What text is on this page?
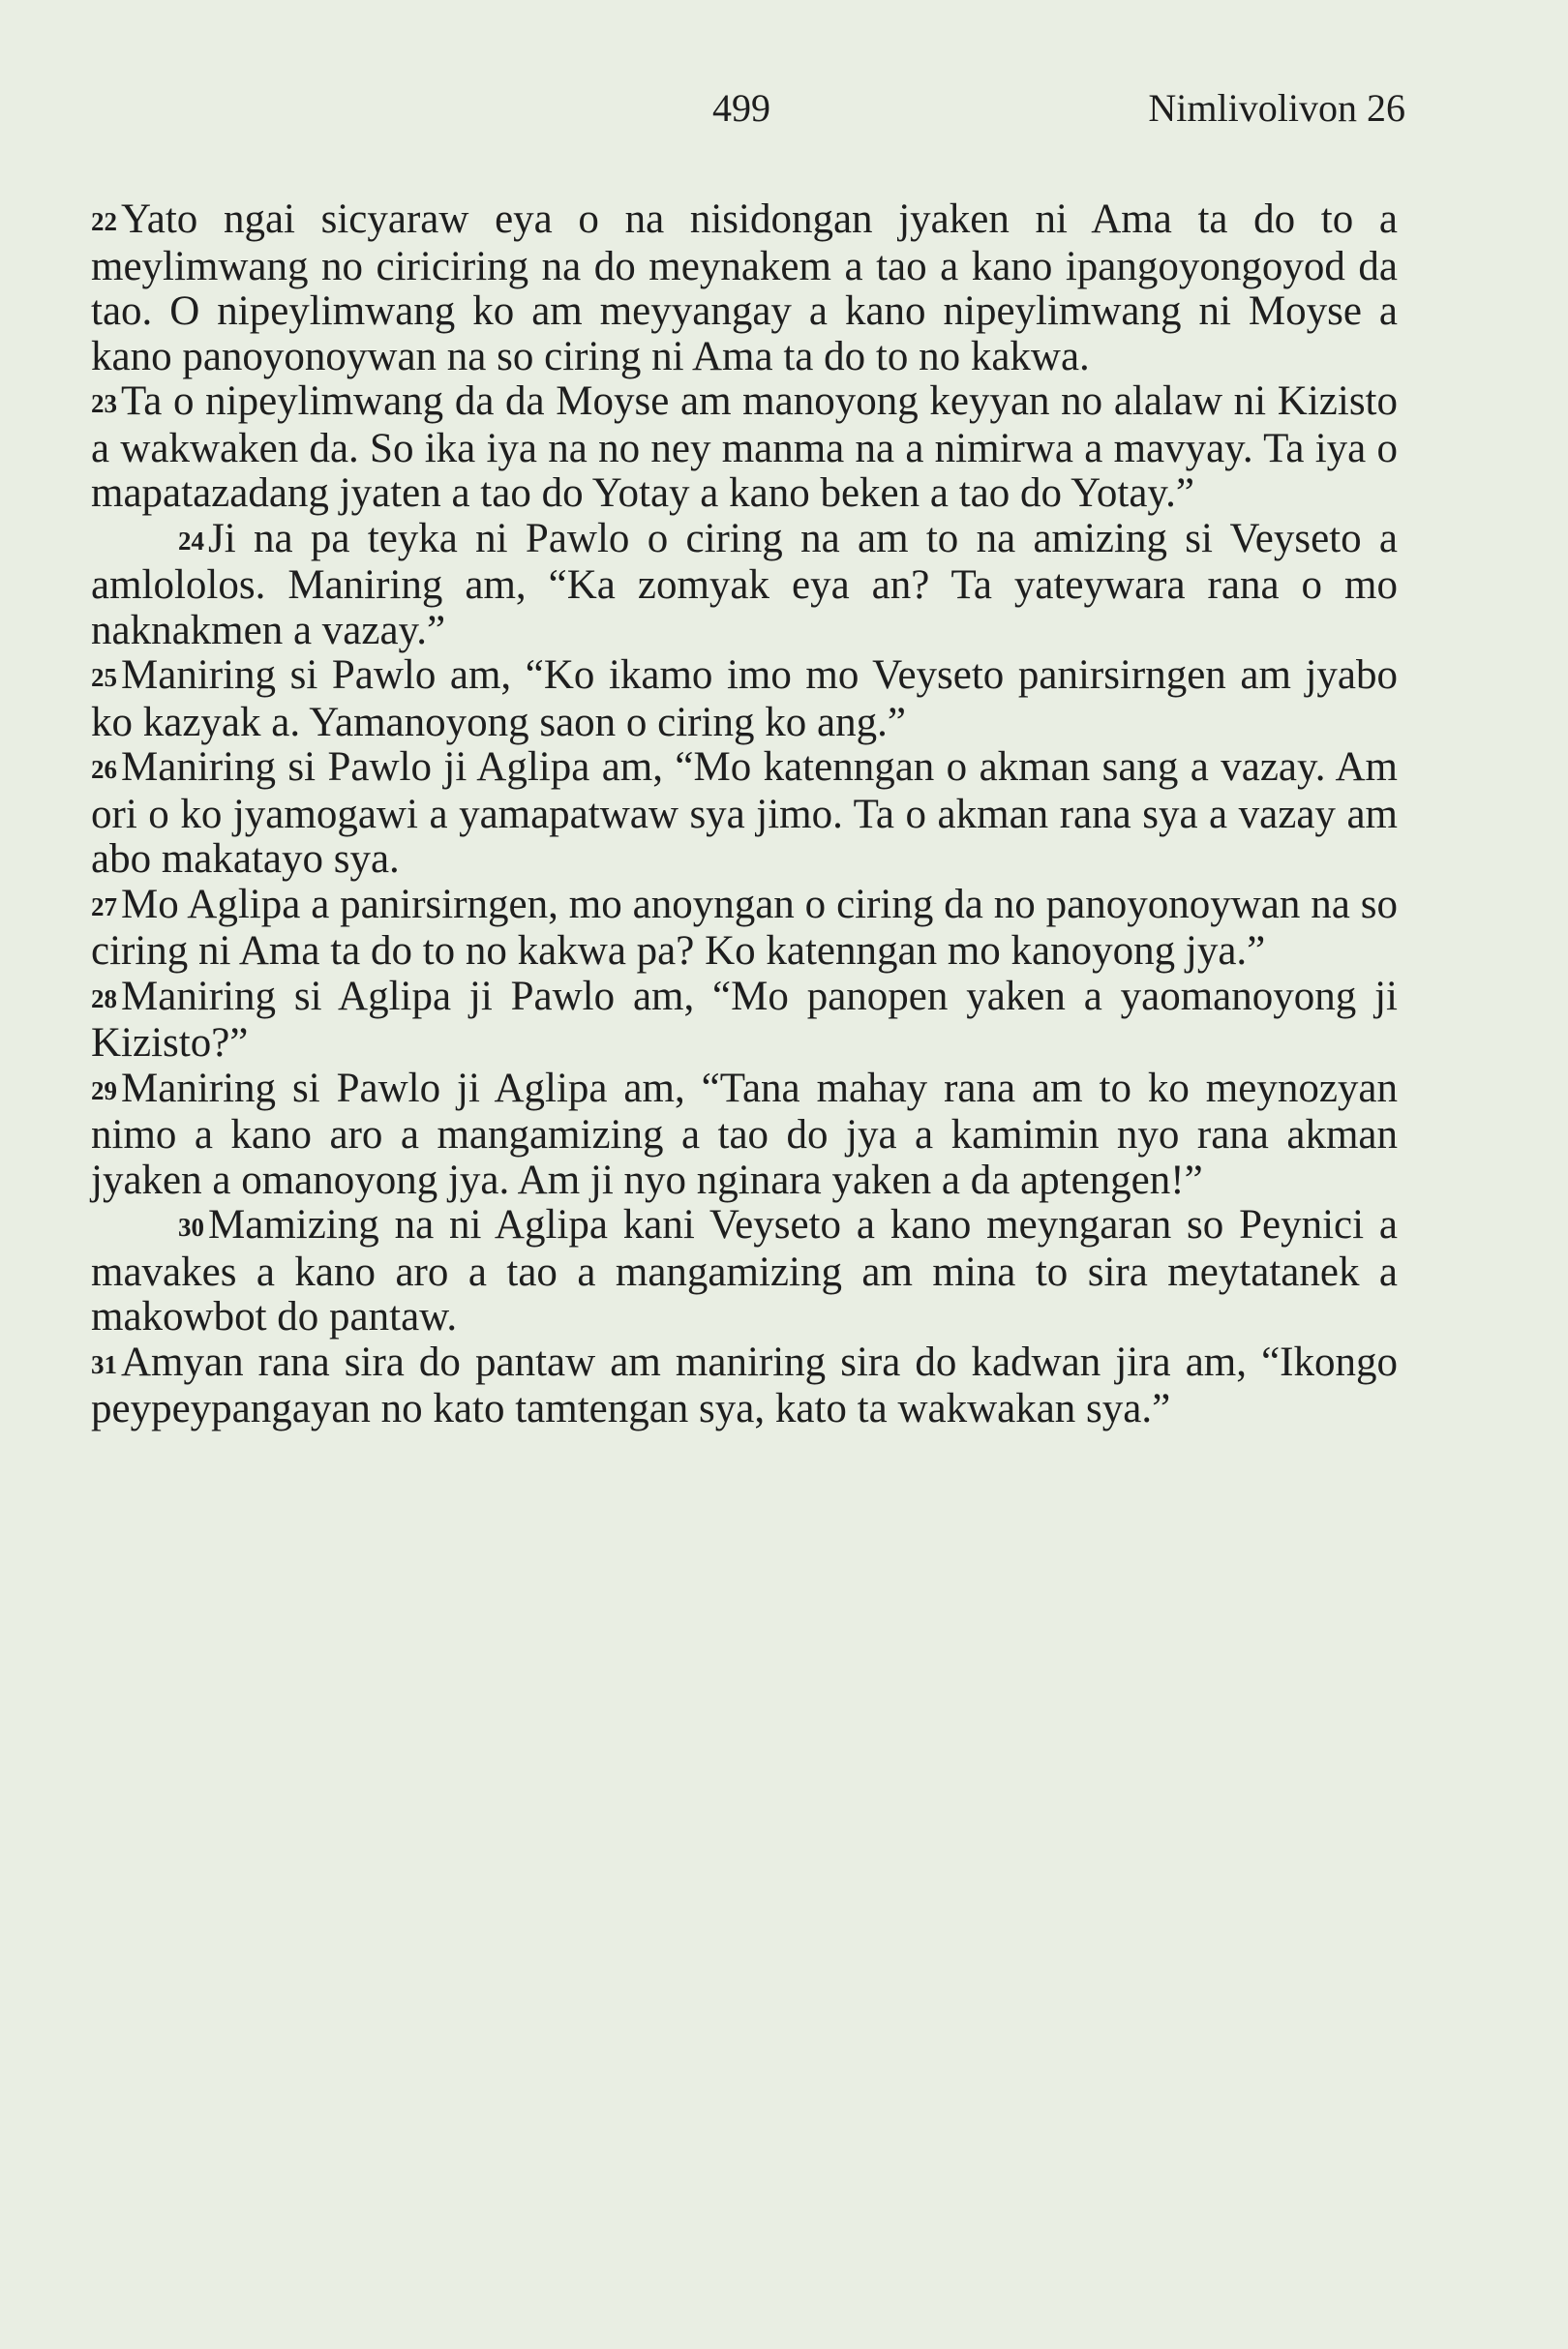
499	Nimlivolivon 26

22Yato ngai sicyaraw eya o na nisidongan jyaken ni Ama ta do to a meylimwang no ciriciring na do meynakem a tao a kano ipangoyongoyod da tao. O nipeylimwang ko am meyyangay a kano nipeylimwang ni Moyse a kano panoyonoywan na so ciring ni Ama ta do to no kakwa.

23Ta o nipeylimwang da da Moyse am manoyong keyyan no alalaw ni Kizisto a wakwaken da. So ika iya na no ney manma na a nimirwa a mavyay. Ta iya o mapatazadang jyaten a tao do Yotay a kano beken a tao do Yotay.”

24Ji na pa teyka ni Pawlo o ciring na am to na amizing si Veyseto a amlololos. Maniring am, “Ka zomyak eya an? Ta yateywara rana o mo naknakmen a vazay.”

25Maniring si Pawlo am, “Ko ikamo imo mo Veyseto panirsirngen am jyabo ko kazyak a. Yamanoyong saon o ciring ko ang.”

26Maniring si Pawlo ji Aglipa am, “Mo katenngan o akman sang a vazay. Am ori o ko jyamogawi a yamapatwaw sya jimo. Ta o akman rana sya a vazay am abo makatayo sya.

27Mo Aglipa a panirsirngen, mo anoyngan o ciring da no panoyonoywan na so ciring ni Ama ta do to no kakwa pa? Ko katenngan mo kanoyong jya.”

28Maniring si Aglipa ji Pawlo am, “Mo panopen yaken a yaomanoyong ji Kizisto?”

29Maniring si Pawlo ji Aglipa am, “Tana mahay rana am to ko meynozyan nimo a kano aro a mangamizing a tao do jya a kamimin nyo rana akman jyaken a omanoyong jya. Am ji nyo nginara yaken a da aptengen!”

30Mamizing na ni Aglipa kani Veyseto a kano meyngaran so Peynici a mavakes a kano aro a tao a mangamizing am mina to sira meytatanek a makowbot do pantaw.

31Amyan rana sira do pantaw am maniring sira do kadwan jira am, “Ikongo peypeypangayan no kato tamtengan sya, kato ta wakwakan sya.”
